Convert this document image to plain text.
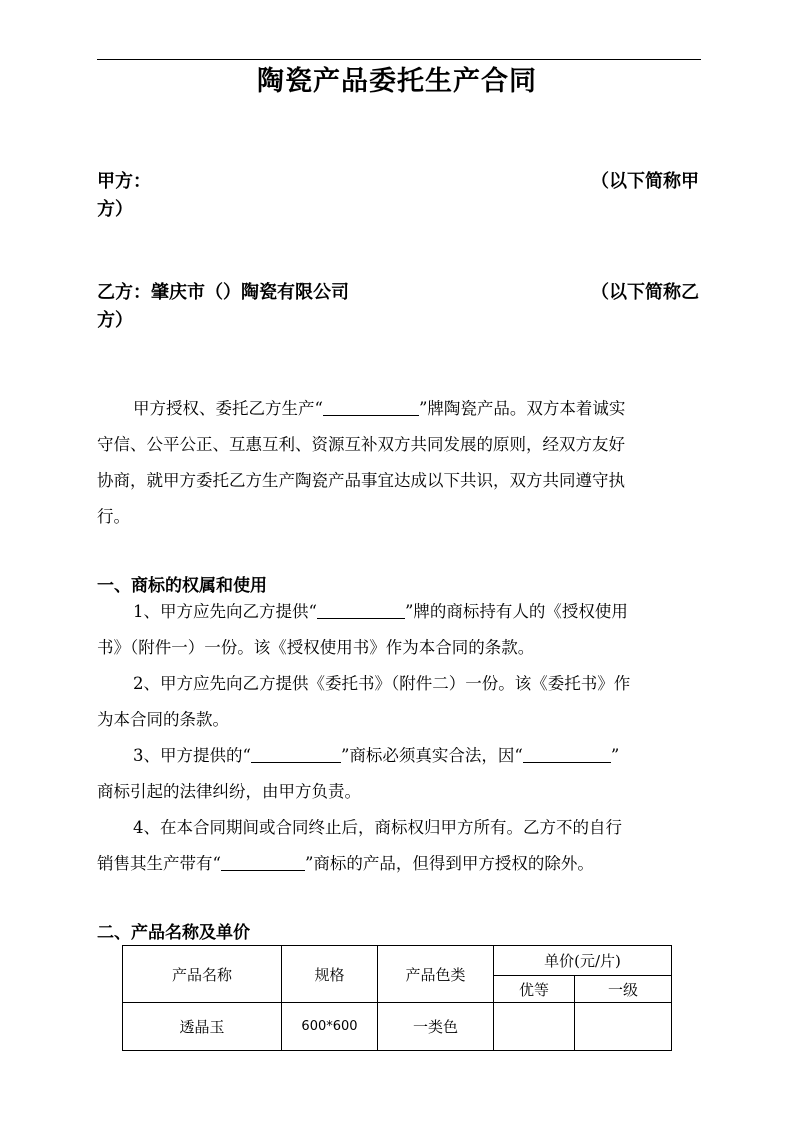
陶瓷产品委托生产合同
甲方：	（以下简称甲
方）
乙方：肇庆市（）陶瓷有限公司	（以下简称乙
方）
甲方授权、委托乙方生产“	”牌陶瓷产品。双方本着诚实
守信、公平公正、互惠互利、资源互补双方共同发展的原则，经双方友好
协商，就甲方委托乙方生产陶瓷产品事宜达成以下共识，双方共同遵守执
行。
一、商标的权属和使用
1、甲方应先向乙方提供“	”牌的商标持有人的《授权使用
书》（附件一）一份。该《授权使用书》作为本合同的条款。
2、甲方应先向乙方提供《委托书》（附件二）一份。该《委托书》作
为本合同的条款。
3、甲方提供的“	”商标必须真实合法，因“	”
商标引起的法律纠纷，由甲方负责。
4、在本合同期间或合同终止后，商标权归甲方所有。乙方不的自行
销售其生产带有“	”商标的产品，但得到甲方授权的除外。
二、产品名称及单价
产品名称	规格	产品色类	单价(元/片)	
			优等	一级
透晶玉	600*600	一类色		
